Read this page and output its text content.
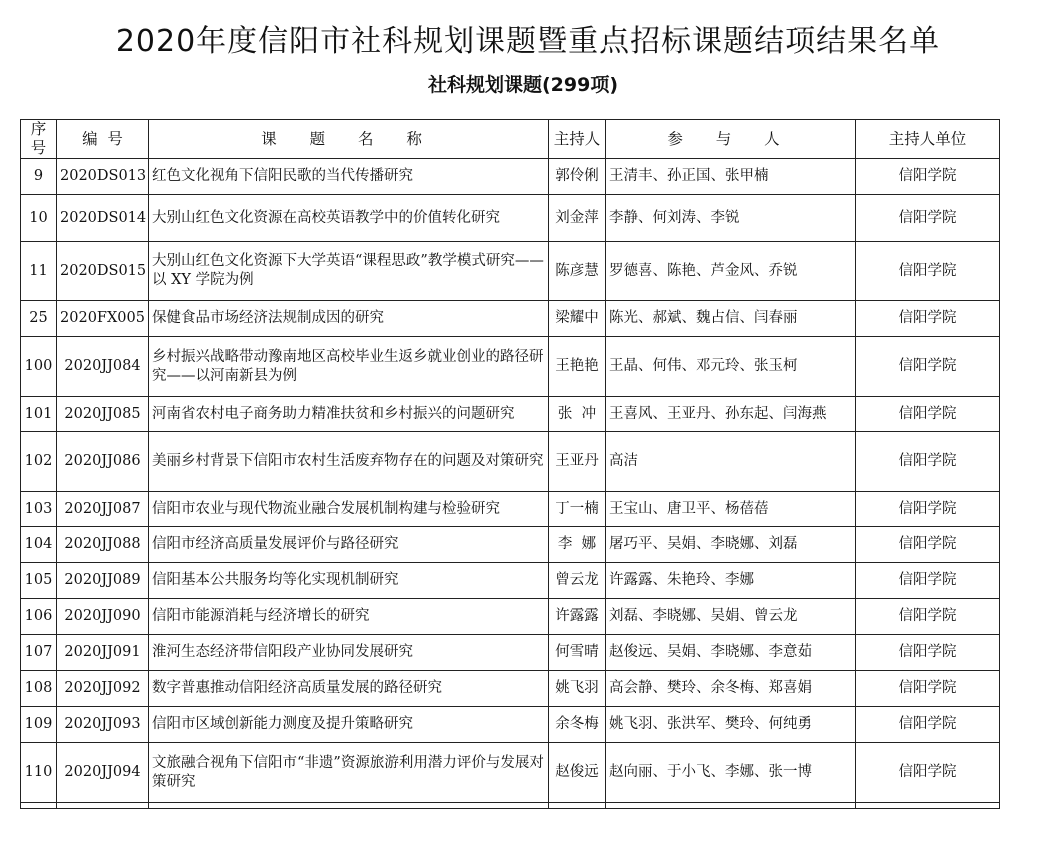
2020年度信阳市社科规划课题暨重点招标课题结项结果名单
社科规划课题(299项)
序号	编  号	课 题 名 称	主持人	参 与 人	主持人单位
9	2020DS013	红色文化视角下信阳民歌的当代传播研究	郭伶俐	王清丰、孙正国、张甲楠	信阳学院
10	2020DS014	大别山红色文化资源在高校英语教学中的价值转化研究	刘金萍	李静、何刘涛、李锐	信阳学院
11	2020DS015	大别山红色文化资源下大学英语“课程思政”教学模式研究——以 XY 学院为例	陈彦慧	罗德喜、陈艳、芦金风、乔锐	信阳学院
25	2020FX005	保健食品市场经济法规制成因的研究	梁耀中	陈光、郝斌、魏占信、闫春丽	信阳学院
100	2020JJ084	乡村振兴战略带动豫南地区高校毕业生返乡就业创业的路径研究——以河南新县为例	王艳艳	王晶、何伟、邓元玲、张玉柯	信阳学院
101	2020JJ085	河南省农村电子商务助力精准扶贫和乡村振兴的问题研究	张  冲	王喜风、王亚丹、孙东起、闫海燕	信阳学院
102	2020JJ086	美丽乡村背景下信阳市农村生活废弃物存在的问题及对策研究	王亚丹	高洁	信阳学院
103	2020JJ087	信阳市农业与现代物流业融合发展机制构建与检验研究	丁一楠	王宝山、唐卫平、杨蓓蓓	信阳学院
104	2020JJ088	信阳市经济高质量发展评价与路径研究	李  娜	屠巧平、吴娟、李晓娜、刘磊	信阳学院
105	2020JJ089	信阳基本公共服务均等化实现机制研究	曾云龙	许露露、朱艳玲、李娜	信阳学院
106	2020JJ090	信阳市能源消耗与经济增长的研究	许露露	刘磊、李晓娜、吴娟、曾云龙	信阳学院
107	2020JJ091	淮河生态经济带信阳段产业协同发展研究	何雪晴	赵俊远、吴娟、李晓娜、李意茹	信阳学院
108	2020JJ092	数字普惠推动信阳经济高质量发展的路径研究	姚飞羽	高会静、樊玲、余冬梅、郑喜娟	信阳学院
109	2020JJ093	信阳市区域创新能力测度及提升策略研究	余冬梅	姚飞羽、张洪军、樊玲、何纯勇	信阳学院
110	2020JJ094	文旅融合视角下信阳市“非遗”资源旅游利用潜力评价与发展对策研究	赵俊远	赵向丽、于小飞、李娜、张一博	信阳学院
